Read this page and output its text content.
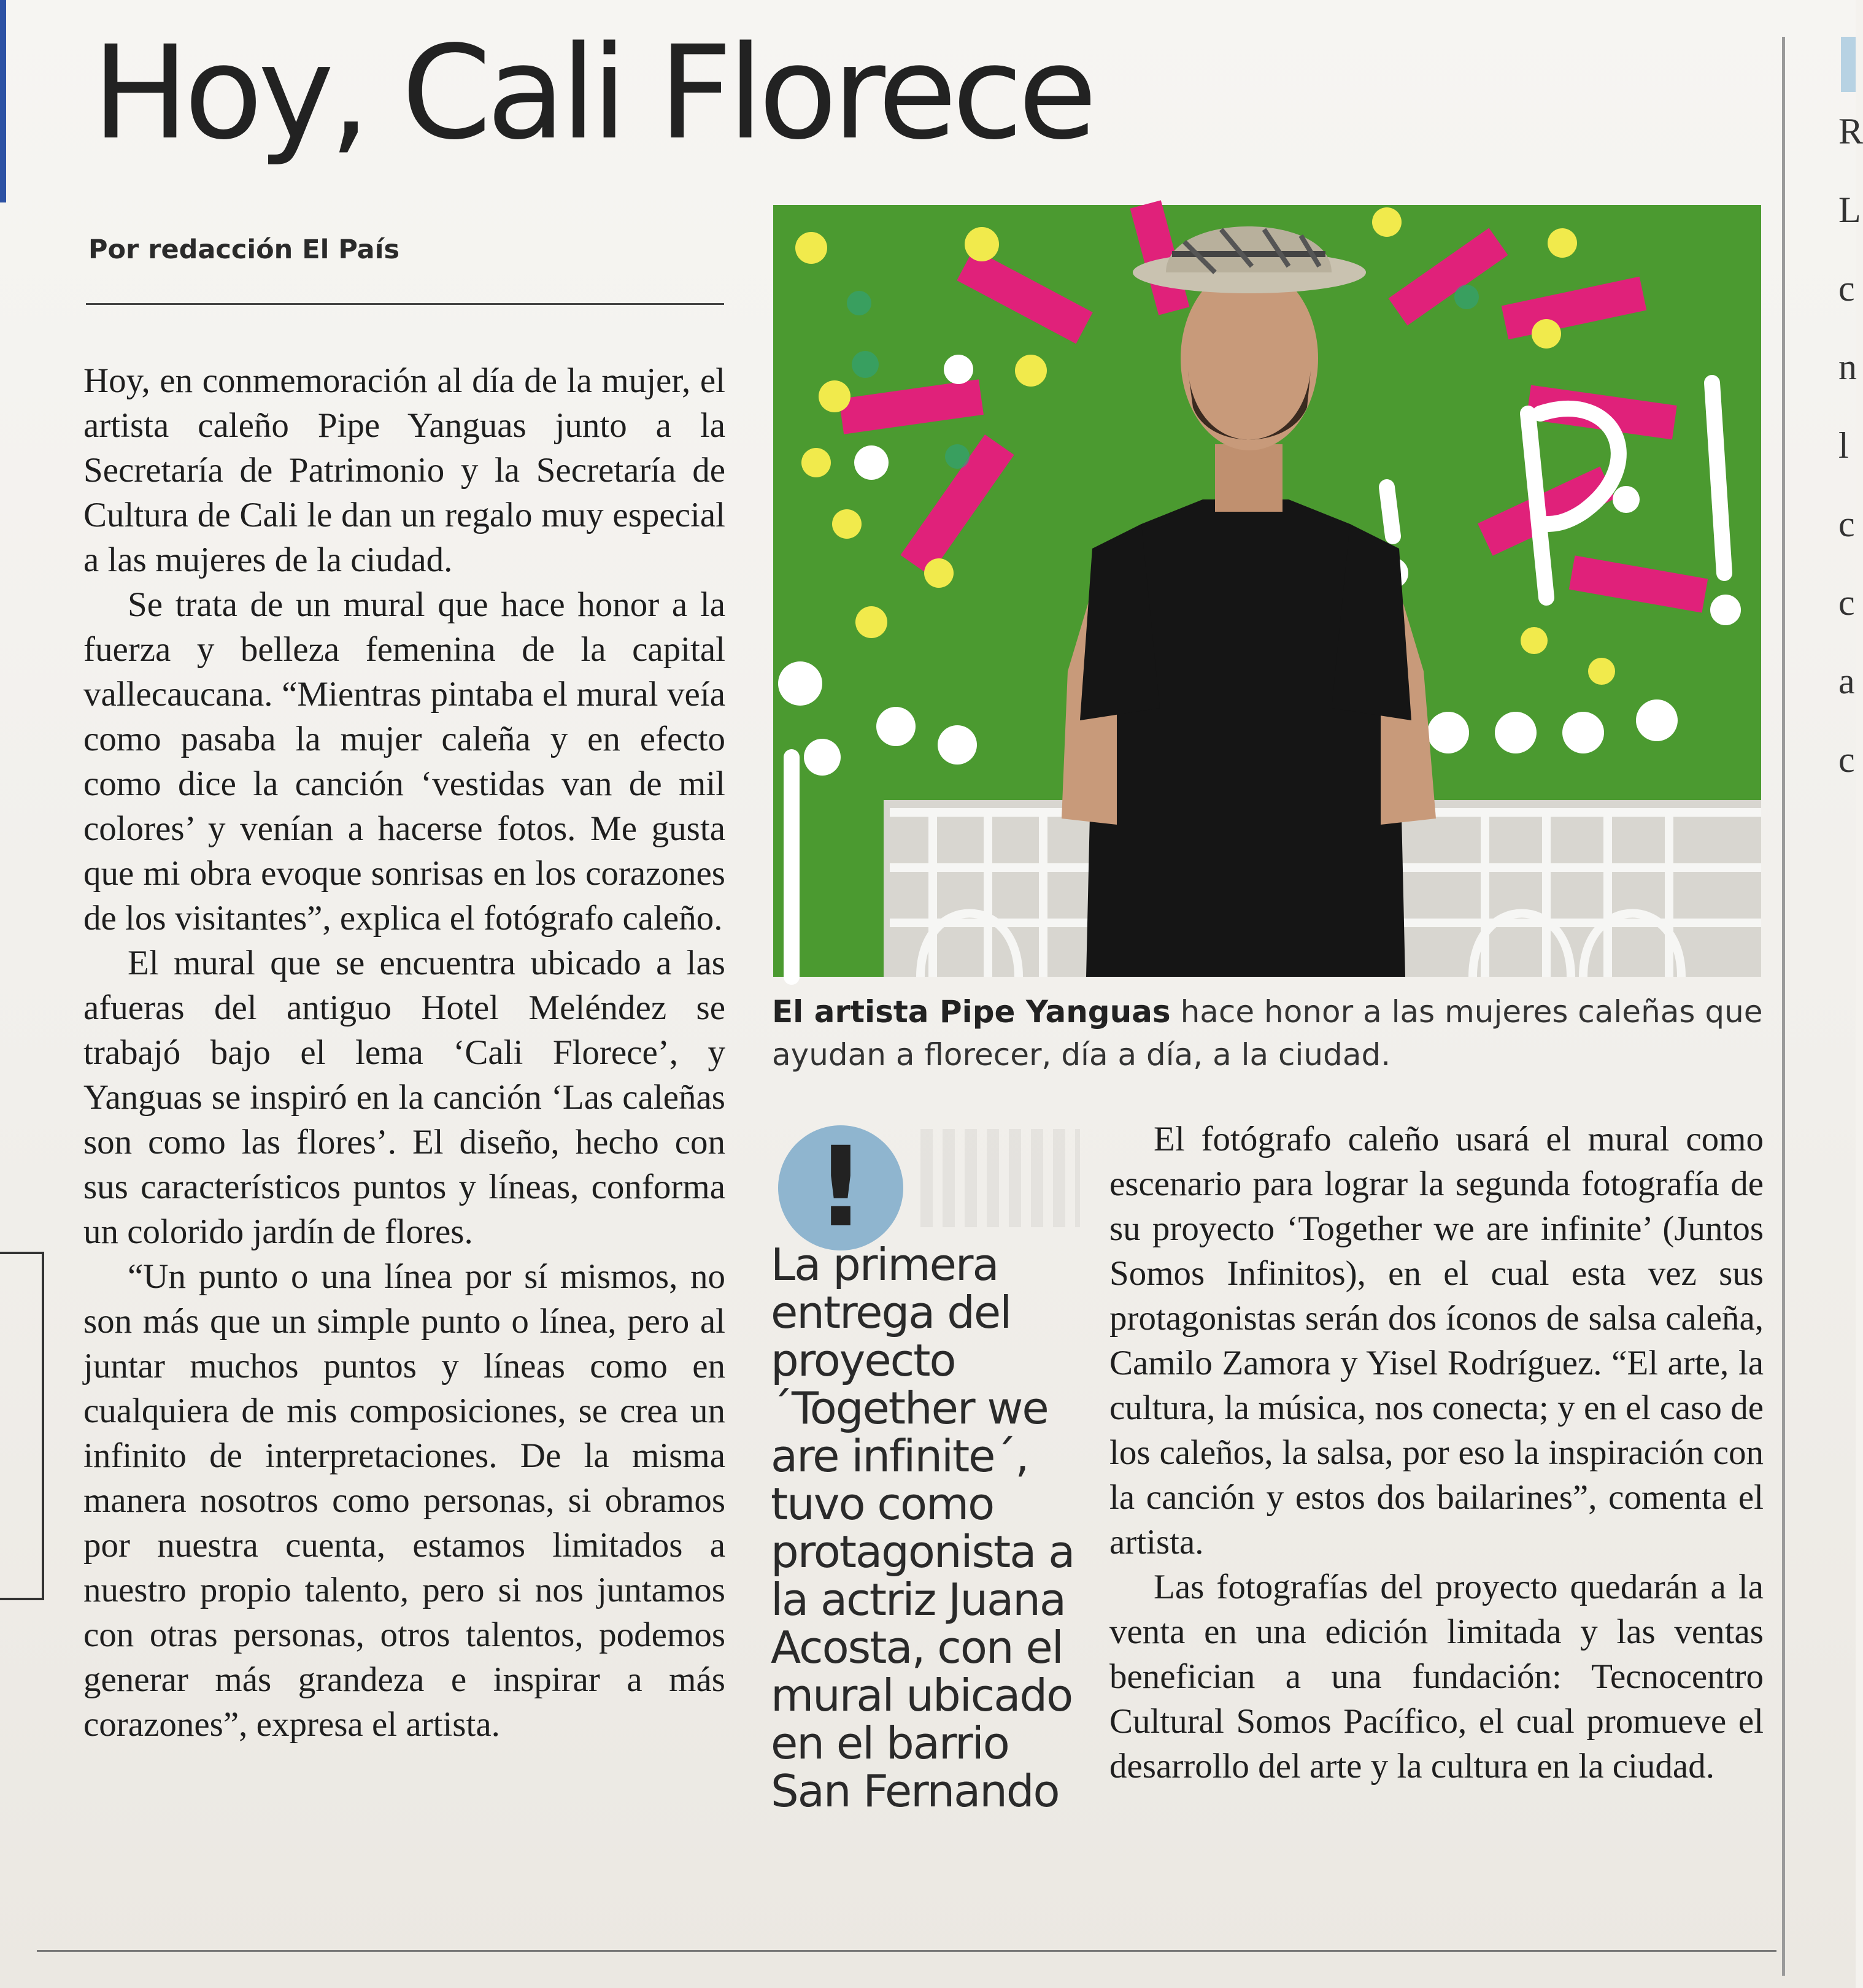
R
L
c
n
l
c
c
a
c
Hoy, Cali Florece
Por redacción El País

Hoy, en conmemoración al día de la mujer, el artista caleño Pipe Yanguas junto a la Secretaría de Patrimonio y la Secretaría de Cultura de Cali le dan un regalo muy especial a las mujeres de la ciudad.

Se trata de un mural que hace honor a la fuerza y belleza femenina de la capital vallecaucana. “Mientras pintaba el mural veía como pasaba la mujer caleña y en efecto como dice la canción ‘vestidas van de mil colores’ y venían a hacerse fotos. Me gusta que mi obra evoque sonrisas en los corazones de los visitantes”, explica el fotógrafo caleño.

El mural que se encuentra ubicado a las afueras del antiguo Hotel Meléndez se trabajó bajo el lema ‘Cali Florece’, y Yanguas se inspiró en la canción ‘Las caleñas son como las flores’. El diseño, hecho con sus característicos puntos y líneas, conforma un colorido jardín de flores.

“Un punto o una línea por sí mismos, no son más que un simple punto o línea, pero al juntar muchos puntos y líneas como en cualquiera de mis composiciones, se crea un infinito de interpretaciones. De la misma manera nosotros como personas, si obramos por nuestra cuenta, estamos limitados a nuestro propio talento, pero si nos juntamos con otras personas, otros talentos, podemos generar más grandeza e inspirar a más corazones”, expresa el artista.

El artista Pipe Yanguas hace honor a las mujeres caleñas que ayudan a florecer, día a día, a la ciudad.
!
La primera entrega del proyecto ´Together we are infinite´, tuvo como protagonista a la actriz Juana Acosta, con el mural ubicado en el barrio San Fernando

El fotógrafo caleño usará el mural como escenario para lograr la segunda fotografía de su proyecto ‘Together we are infinite’ (Juntos Somos Infinitos), en el cual esta vez sus protagonistas serán dos íconos de salsa caleña, Camilo Zamora y Yisel Rodríguez. “El arte, la cultura, la música, nos conecta; y en el caso de los caleños, la salsa, por eso la inspiración con la canción y estos dos bailarines”, comenta el artista.

Las fotografías del proyecto quedarán a la venta en una edición limitada y las ventas benefician a una fundación: Tecnocentro Cultural Somos Pacífico, el cual promueve el desarrollo del arte y la cultura en la ciudad.
